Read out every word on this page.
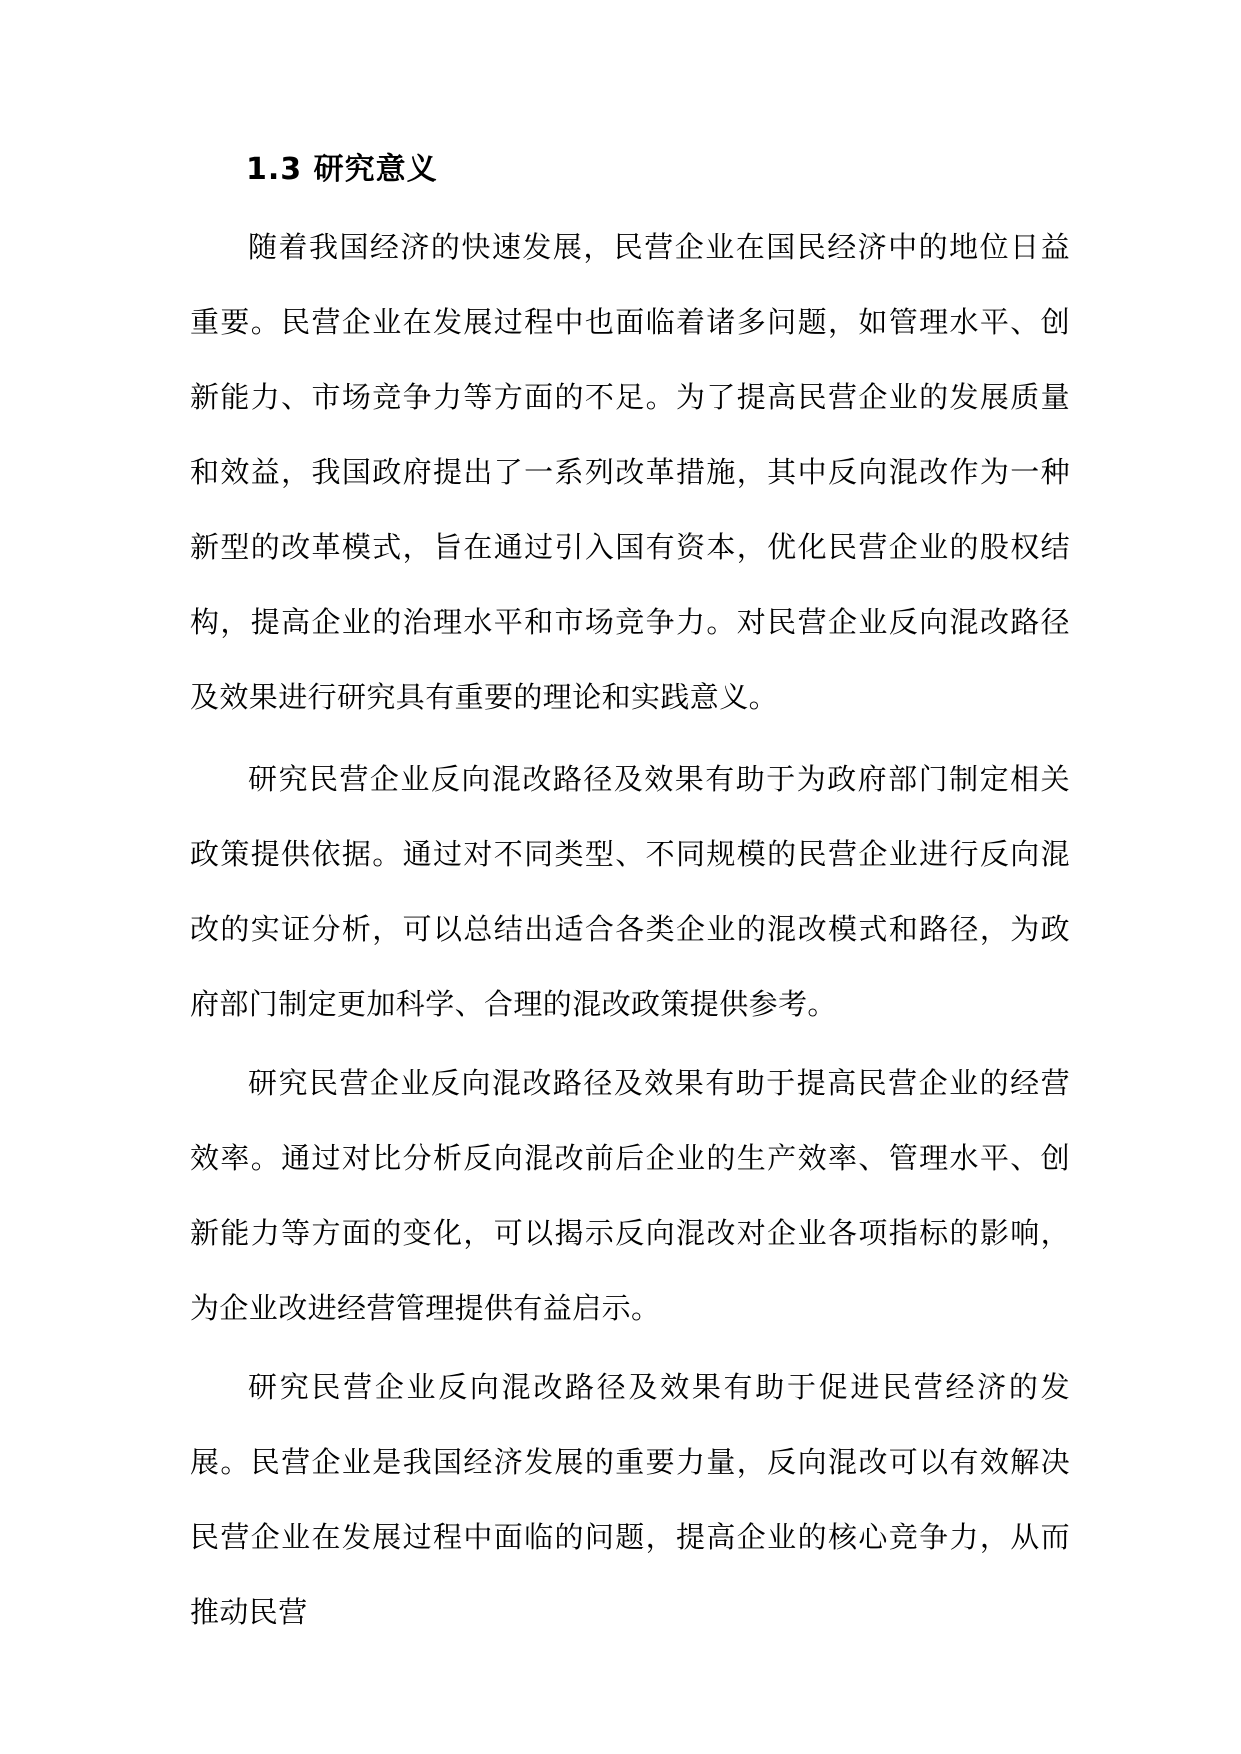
1.3 研究意义

随着我国经济的快速发展，民营企业在国民经济中的地位日益重要。民营企业在发展过程中也面临着诸多问题，如管理水平、创新能力、市场竞争力等方面的不足。为了提高民营企业的发展质量和效益，我国政府提出了一系列改革措施，其中反向混改作为一种新型的改革模式，旨在通过引入国有资本，优化民营企业的股权结构，提高企业的治理水平和市场竞争力。对民营企业反向混改路径及效果进行研究具有重要的理论和实践意义。

研究民营企业反向混改路径及效果有助于为政府部门制定相关政策提供依据。通过对不同类型、不同规模的民营企业进行反向混改的实证分析，可以总结出适合各类企业的混改模式和路径，为政府部门制定更加科学、合理的混改政策提供参考。

研究民营企业反向混改路径及效果有助于提高民营企业的经营效率。通过对比分析反向混改前后企业的生产效率、管理水平、创新能力等方面的变化，可以揭示反向混改对企业各项指标的影响，为企业改进经营管理提供有益启示。

研究民营企业反向混改路径及效果有助于促进民营经济的发展。民营企业是我国经济发展的重要力量，反向混改可以有效解决民营企业在发展过程中面临的问题，提高企业的核心竞争力，从而推动民营
